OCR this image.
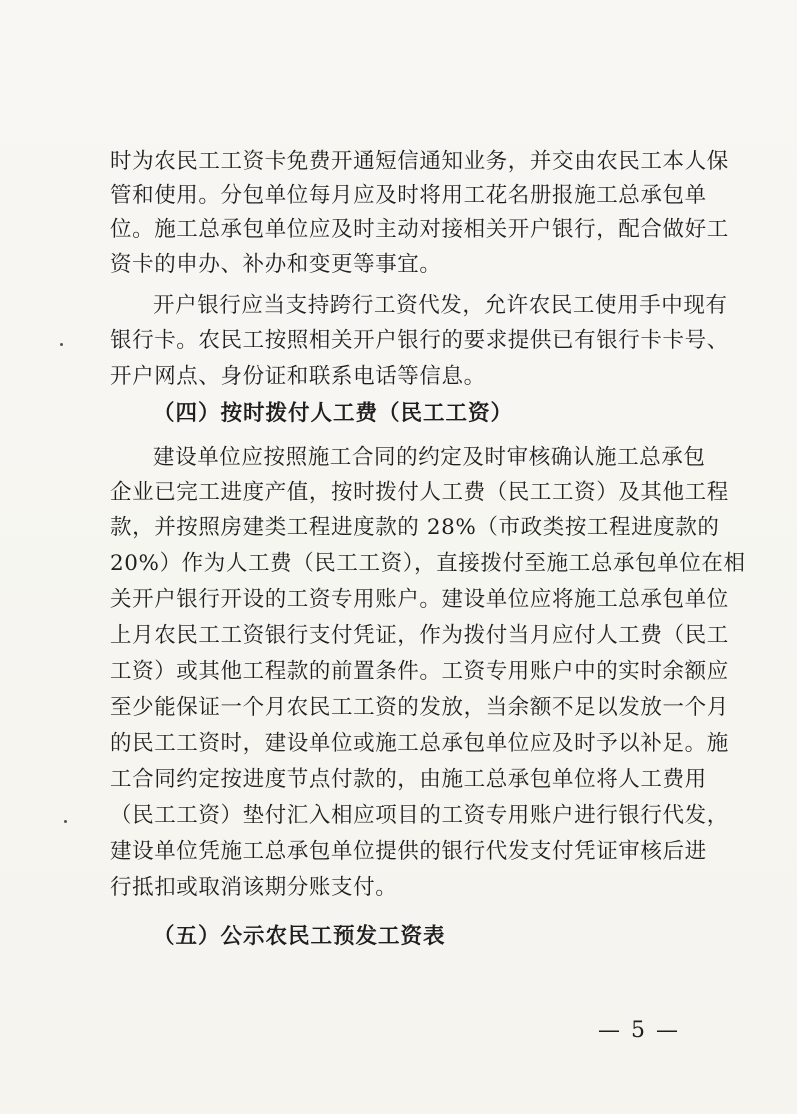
时为农民工工资卡免费开通短信通知业务，并交由农民工本人保
管和使用。分包单位每月应及时将用工花名册报施工总承包单
位。施工总承包单位应及时主动对接相关开户银行，配合做好工
资卡的申办、补办和变更等事宜。
开户银行应当支持跨行工资代发，允许农民工使用手中现有
银行卡。农民工按照相关开户银行的要求提供已有银行卡卡号、
开户网点、身份证和联系电话等信息。
（四）按时拨付人工费（民工工资）
建设单位应按照施工合同的约定及时审核确认施工总承包
企业已完工进度产值，按时拨付人工费（民工工资）及其他工程
款，并按照房建类工程进度款的 28%（市政类按工程进度款的
20%）作为人工费（民工工资），直接拨付至施工总承包单位在相
关开户银行开设的工资专用账户。建设单位应将施工总承包单位
上月农民工工资银行支付凭证，作为拨付当月应付人工费（民工
工资）或其他工程款的前置条件。工资专用账户中的实时余额应
至少能保证一个月农民工工资的发放，当余额不足以发放一个月
的民工工资时，建设单位或施工总承包单位应及时予以补足。施
工合同约定按进度节点付款的，由施工总承包单位将人工费用
（民工工资）垫付汇入相应项目的工资专用账户进行银行代发，
建设单位凭施工总承包单位提供的银行代发支付凭证审核后进
行抵扣或取消该期分账支付。
（五）公示农民工预发工资表
— 5 —
